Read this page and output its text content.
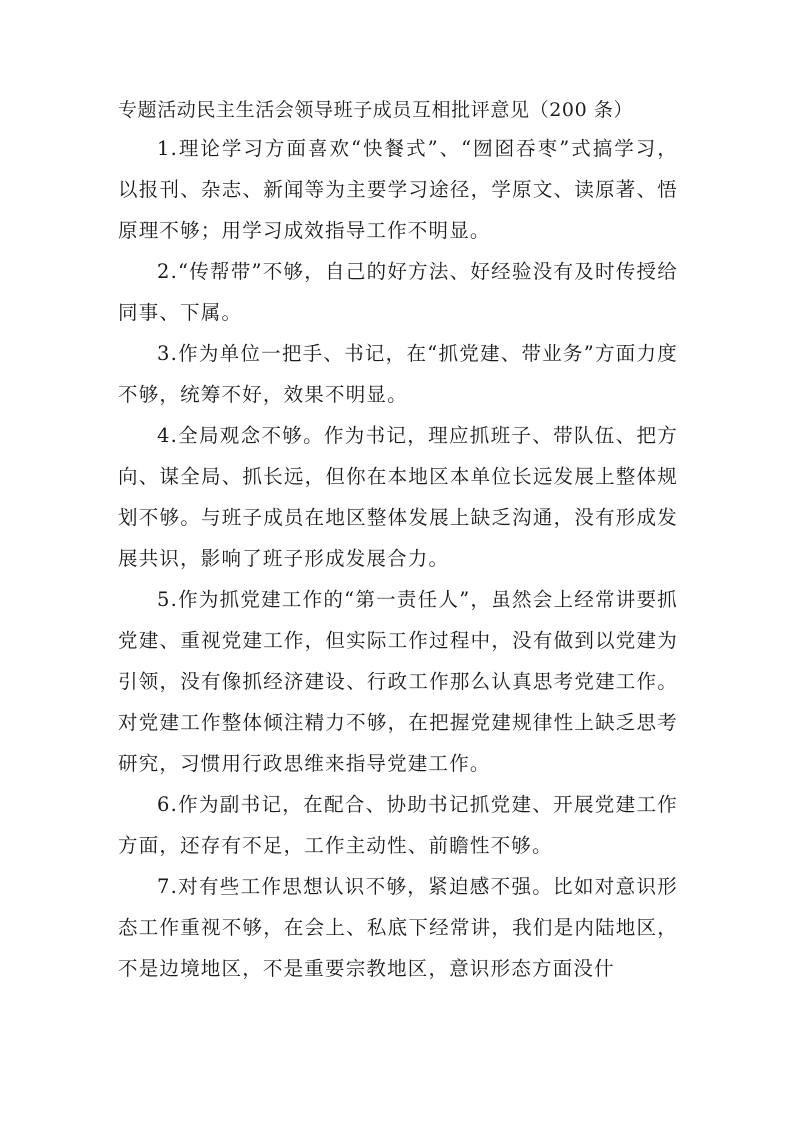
专题活动民主生活会领导班子成员互相批评意见（200 条）

1.理论学习方面喜欢“快餐式”、“囫囵吞枣”式搞学习，以报刊、杂志、新闻等为主要学习途径，学原文、读原著、悟原理不够；用学习成效指导工作不明显。

2.“传帮带”不够，自己的好方法、好经验没有及时传授给同事、下属。

3.作为单位一把手、书记，在“抓党建、带业务”方面力度不够，统筹不好，效果不明显。

4.全局观念不够。作为书记，理应抓班子、带队伍、把方向、谋全局、抓长远，但你在本地区本单位长远发展上整体规划不够。与班子成员在地区整体发展上缺乏沟通，没有形成发展共识，影响了班子形成发展合力。

5.作为抓党建工作的“第一责任人”，虽然会上经常讲要抓党建、重视党建工作，但实际工作过程中，没有做到以党建为引领，没有像抓经济建设、行政工作那么认真思考党建工作。对党建工作整体倾注精力不够，在把握党建规律性上缺乏思考研究，习惯用行政思维来指导党建工作。

6.作为副书记，在配合、协助书记抓党建、开展党建工作方面，还存有不足，工作主动性、前瞻性不够。

7.对有些工作思想认识不够，紧迫感不强。比如对意识形态工作重视不够，在会上、私底下经常讲，我们是内陆地区，不是边境地区，不是重要宗教地区，意识形态方面没什
